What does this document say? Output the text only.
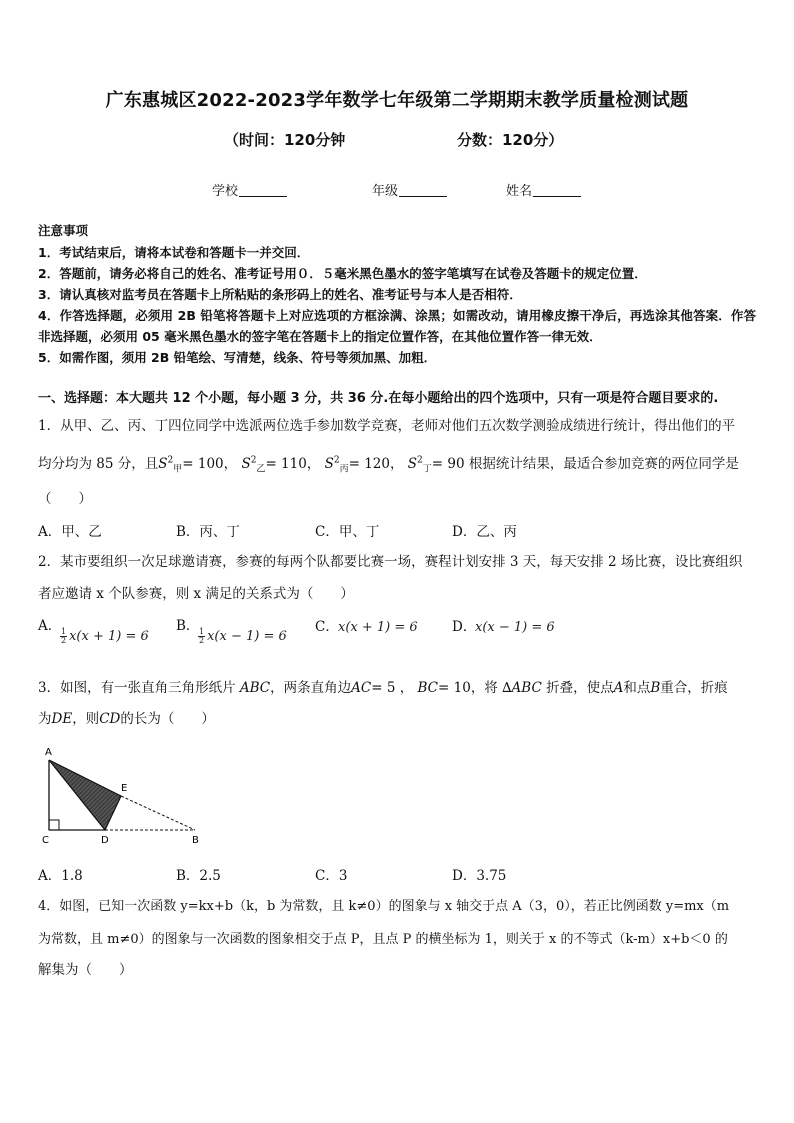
广东惠城区2022-2023学年数学七年级第二学期期末教学质量检测试题
（时间：120分钟	分数：120分）
学校	年级	姓名
注意事项
1．考试结束后，请将本试卷和答题卡一并交回．
2．答题前，请务必将自己的姓名、准考证号用０．５毫米黑色墨水的签字笔填写在试卷及答题卡的规定位置．
3．请认真核对监考员在答题卡上所粘贴的条形码上的姓名、准考证号与本人是否相符．
4．作答选择题，必须用 2B 铅笔将答题卡上对应选项的方框涂满、涂黑；如需改动，请用橡皮擦干净后，再选涂其他答案．作答非选择题，必须用 05 毫米黑色墨水的签字笔在答题卡上的指定位置作答，在其他位置作答一律无效．
5．如需作图，须用 2B 铅笔绘、写清楚，线条、符号等须加黑、加粗．
一、选择题：本大题共 12 个小题，每小题 3 分，共 36 分.在每小题给出的四个选项中，只有一项是符合题目要求的.
1．从甲、乙、丙、丁四位同学中选派两位选手参加数学竞赛，老师对他们五次数学测验成绩进行统计，得出他们的平
均分均为 85 分，且$S^2_甲= 100$， $S^2_乙= 110$， $S^2_丙= 120$， $S^2_丁= 90$ 根据统计结果，最适合参加竞赛的两位同学是
（　　）
A．甲、乙	B．丙、丁	C．甲、丁	D．乙、丙
2．某市要组织一次足球邀请赛，参赛的每两个队都要比赛一场，赛程计划安排 3 天，每天安排 2 场比赛，设比赛组织
者应邀请 x 个队参赛，则 x 满足的关系式为（　　）
A．
$\frac{1}{2} x(x + 1) = 6$
B．
$\frac{1}{2} x(x - 1) = 6$
C． x(x + 1) = 6	D．
x(x − 1) = 6
3．如图，有一张直角三角形纸片 ABC，两条直角边AC= 5 ， BC= 10，将 ∆ABC 折叠，使点A和点B重合，折痕
为DE，则CD的长为（　　）
A
C	D
E
B
A．1.8	B．2.5	C．3	D．3.75
4．如图，已知一次函数 y=kx+b（k，b 为常数，且 k≠0）的图象与 x 轴交于点 A（3，0），若正比例函数 y=mx（m
为常数，且 m≠0）的图象与一次函数的图象相交于点 P，且点 P 的横坐标为 1，则关于 x 的不等式（k-m）x+b＜0 的
解集为（　　）
